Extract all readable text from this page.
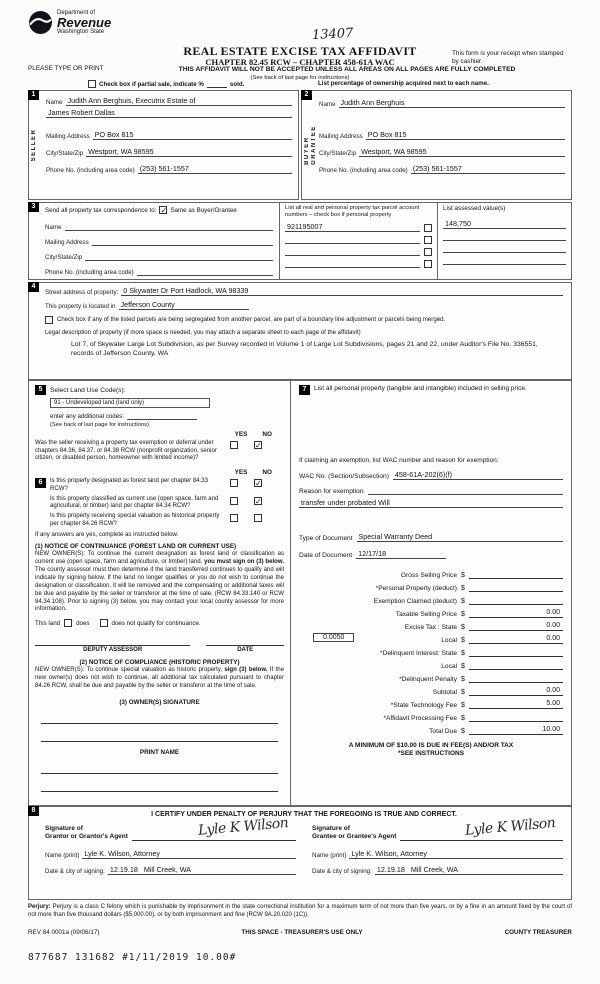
Department of
Revenue
Washington State	13407
REAL ESTATE EXCISE TAX AFFIDAVIT
CHAPTER 82.45 RCW – CHAPTER 458-61A WAC
This form is your receipt when stamped by cashier.
PLEASE TYPE OR PRINT	THIS AFFIDAVIT WILL NOT BE ACCEPTED UNLESS ALL AREAS ON ALL PAGES ARE FULLY COMPLETED
(See back of last page for instructions)
Check box if partial sale, indicate %	sold.	List percentage of ownership acquired next to each name.
1
SELLER
Name Judith Ann Berghuis, Executrix Estate of
James Robert Dallas
Mailing Address PO Box 815
City/State/Zip Westport, WA 98595
Phone No. (including area code) (253) 561-1557
2
BUYER GRANTEE
Name Judith Ann Berghuis
Mailing Address PO Box 815
City/State/Zip Westport, WA 98595
Phone No. (including area code) (253) 561-1557
3	Send all property tax correspondence to: ✓ Same as Buyer/Grantee
Name
Mailing Address
City/State/Zip
Phone No. (including area code)
List all real and personal property tax parcel account numbers – check box if personal property
921195007
List assessed value(s)
148,750
4
Street address of property: 0 Skywater Dr Port Hadlock, WA 98339
This property is located in Jefferson County
Check box if any of the listed parcels are being segregated from another parcel, are part of a boundary line adjustment or parcels being merged.
Legal description of property (if more space is needed, you may attach a separate sheet to each page of the affidavit)
Lot 7, of Skywater Large Lot Subdivision, as per Survey recorded in Volume 1 of Large Lot Subdivisions, pages 21 and 22, under Auditor's File No. 336551, records of Jefferson County, WA
5	Select Land Use Code(s):
91 - Undeveloped land (land only)
enter any additional codes:
(See back of last page for instructions)
YES NO
Was the seller receiving a property tax exemption or deferral under chapters 84.36, 84.37, or 84.38 RCW (nonprofit organization, senior citizen, or disabled person, homeowner with limited income)?
✓
YES NO
6	Is this property designated as forest land per chapter 84.33 RCW?
✓
Is this property classified as current use (open space, farm and agricultural, or timber) land per chapter 84.34 RCW?
✓
Is this property receiving special valuation as historical property per chapter 84.26 RCW?
If any answers are yes, complete as instructed below.
(1) NOTICE OF CONTINUANCE (FOREST LAND OR CURRENT USE)
NEW OWNER(S): To continue the current designation as forest land or classification as current use (open space, farm and agriculture, or timber) land, you must sign on (3) below. The county assessor must then determine if the land transferred continues to qualify and will indicate by signing below. If the land no longer qualifies or you do not wish to continue the designation or classification, it will be removed and the compensating or additional taxes will be due and payable by the seller or transferor at the time of sale. (RCW 84.33.140 or RCW 84.34.108). Prior to signing (3) below, you may contact your local county assessor for more information.
This land	does	does not qualify for continuance.
DEPUTY ASSESSOR	DATE
(2) NOTICE OF COMPLIANCE (HISTORIC PROPERTY)
NEW OWNER(S): To continue special valuation as historic property, sign (3) below. If the new owner(s) does not wish to continue, all additional tax calculated pursuant to chapter 84.26 RCW, shall be due and payable by the seller or transferor at the time of sale.
(3) OWNER(S) SIGNATURE
PRINT NAME
7	List all personal property (tangible and intangible) included in selling price.
If claiming an exemption, list WAC number and reason for exemption:
WAC No. (Section/Subsection) 458-61A-202(6)(f)
Reason for exemption
transfer under probated Will
Type of Document Special Warranty Deed
Date of Document 12/17/18
Gross Selling Price $
*Personal Property (deduct) $
Exemption Claimed (deduct) $
Taxable Selling Price $	0.00
Excise Tax : State $	0.00
0.0050	Local $	0.00
*Delinquent Interest: State $
Local $
*Delinquent Penalty $
Subtotal $	0.00
*State Technology Fee $	5.00
*Affidavit Processing Fee $
Total Due $	10.00
A MINIMUM OF $10.00 IS DUE IN FEE(S) AND/OR TAX
*SEE INSTRUCTIONS
8
I CERTIFY UNDER PENALTY OF PERJURY THAT THE FOREGOING IS TRUE AND CORRECT.
Signature of
Grantor or Grantor's Agent	Lyle K Wilson
Name (print) Lyle K. Wilson, Attorney
Date & city of signing: 12.19.18 Mill Creek, WA
Signature of
Grantee or Grantee's Agent	Lyle K Wilson
Name (print) Lyle K. Wilson, Attorney
Date & city of signing: 12.19.18 Mill Creek, WA
Perjury: Perjury is a class C felony which is punishable by imprisonment in the state correctional institution for a maximum term of not more than five years, or by a fine in an amount fixed by the court of not more than five thousand dollars ($5,000.00), or by both imprisonment and fine (RCW 9A.20.020 (1C)).
REV 84 0001a (09/06/17)	THIS SPACE - TREASURER'S USE ONLY	COUNTY TREASURER
877687 131682 #1/11/2019 10.00#
